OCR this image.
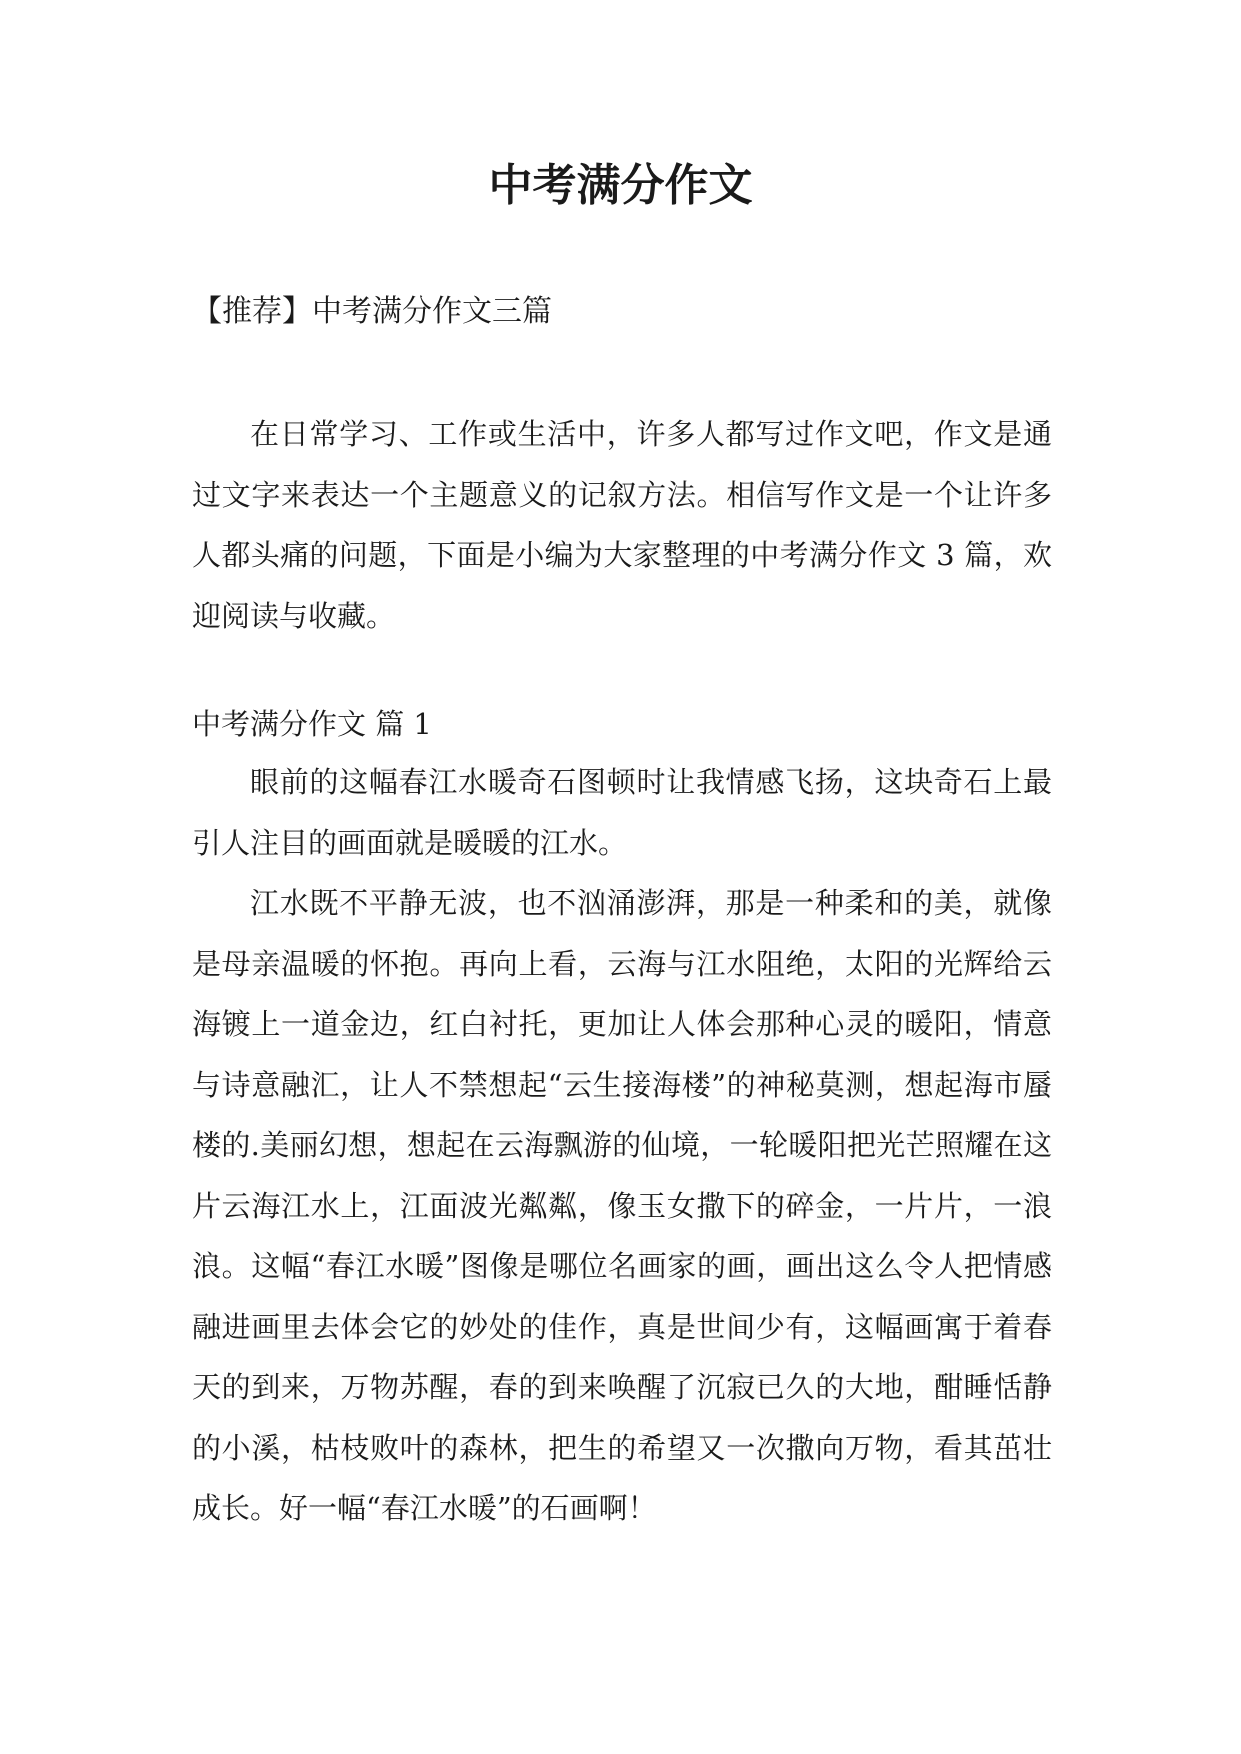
中考满分作文

【推荐】中考满分作文三篇

在日常学习、工作或生活中，许多人都写过作文吧，作文是通过文字来表达一个主题意义的记叙方法。相信写作文是一个让许多人都头痛的问题，下面是小编为大家整理的中考满分作文 3 篇，欢迎阅读与收藏。

中考满分作文 篇 1

眼前的这幅春江水暖奇石图顿时让我情感飞扬，这块奇石上最引人注目的画面就是暖暖的江水。

江水既不平静无波，也不汹涌澎湃，那是一种柔和的美，就像是母亲温暖的怀抱。再向上看，云海与江水阻绝，太阳的光辉给云海镀上一道金边，红白衬托，更加让人体会那种心灵的暖阳，情意与诗意融汇，让人不禁想起“云生接海楼”的神秘莫测，想起海市蜃楼的.美丽幻想，想起在云海飘游的仙境，一轮暖阳把光芒照耀在这片云海江水上，江面波光粼粼，像玉女撒下的碎金，一片片，一浪浪。这幅“春江水暖”图像是哪位名画家的画，画出这么令人把情感融进画里去体会它的妙处的佳作，真是世间少有，这幅画寓于着春天的到来，万物苏醒，春的到来唤醒了沉寂已久的大地，酣睡恬静的小溪，枯枝败叶的森林，把生的希望又一次撒向万物，看其茁壮成长。好一幅“春江水暖”的石画啊！
